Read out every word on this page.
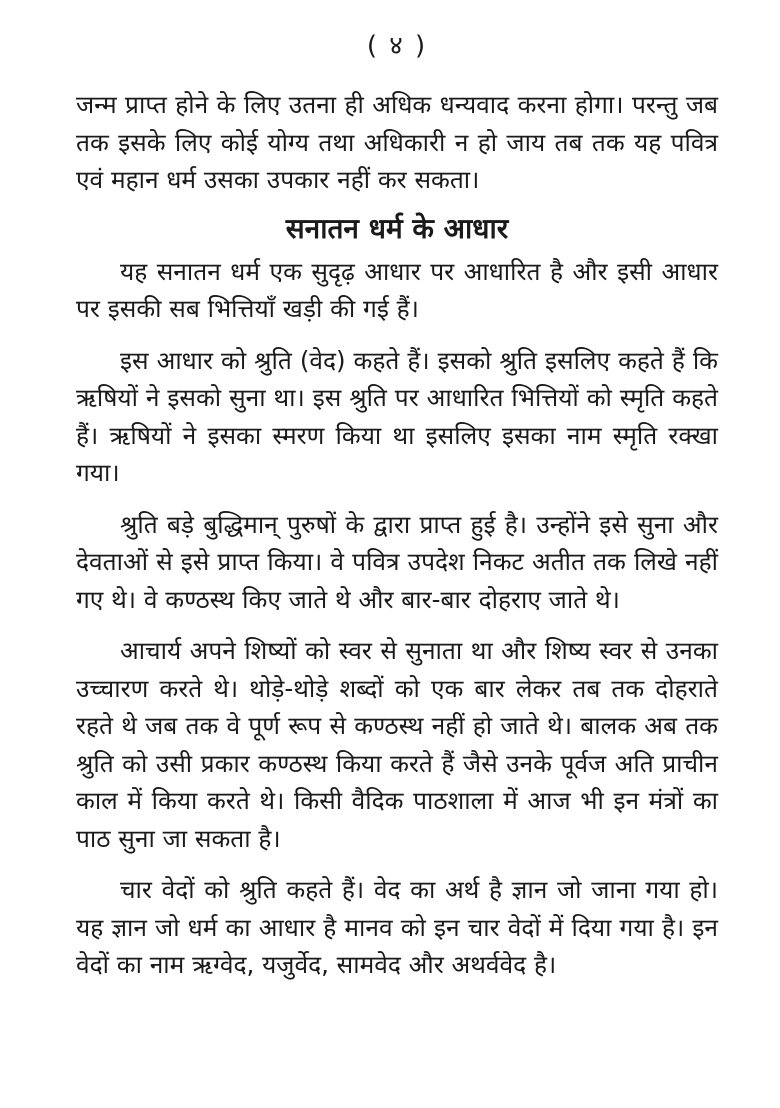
( ४ )

जन्म प्राप्त होने के लिए उतना ही अधिक धन्यवाद करना होगा। परन्तु जब तक इसके लिए कोई योग्य तथा अधिकारी न हो जाय तब तक यह पवित्र एवं महान धर्म उसका उपकार नहीं कर सकता।

सनातन धर्म के आधार

यह सनातन धर्म एक सुदृढ़ आधार पर आधारित है और इसी आधार पर इसकी सब भित्तियाँ खड़ी की गई हैं।

इस आधार को श्रुति (वेद) कहते हैं। इसको श्रुति इसलिए कहते हैं कि ऋषियों ने इसको सुना था। इस श्रुति पर आधारित भित्तियों को स्मृति कहते हैं। ऋषियों ने इसका स्मरण किया था इसलिए इसका नाम स्मृति रक्खा गया।

श्रुति बड़े बुद्धिमान् पुरुषों के द्वारा प्राप्त हुई है। उन्होंने इसे सुना और देवताओं से इसे प्राप्त किया। वे पवित्र उपदेश निकट अतीत तक लिखे नहीं गए थे। वे कण्ठस्थ किए जाते थे और बार-बार दोहराए जाते थे।

आचार्य अपने शिष्यों को स्वर से सुनाता था और शिष्य स्वर से उनका उच्चारण करते थे। थोड़े-थोड़े शब्दों को एक बार लेकर तब तक दोहराते रहते थे जब तक वे पूर्ण रूप से कण्ठस्थ नहीं हो जाते थे। बालक अब तक श्रुति को उसी प्रकार कण्ठस्थ किया करते हैं जैसे उनके पूर्वज अति प्राचीन काल में किया करते थे। किसी वैदिक पाठशाला में आज भी इन मंत्रों का पाठ सुना जा सकता है।

चार वेदों को श्रुति कहते हैं। वेद का अर्थ है ज्ञान जो जाना गया हो। यह ज्ञान जो धर्म का आधार है मानव को इन चार वेदों में दिया गया है। इन वेदों का नाम ऋग्वेद, यजुर्वेद, सामवेद और अथर्ववेद है।
